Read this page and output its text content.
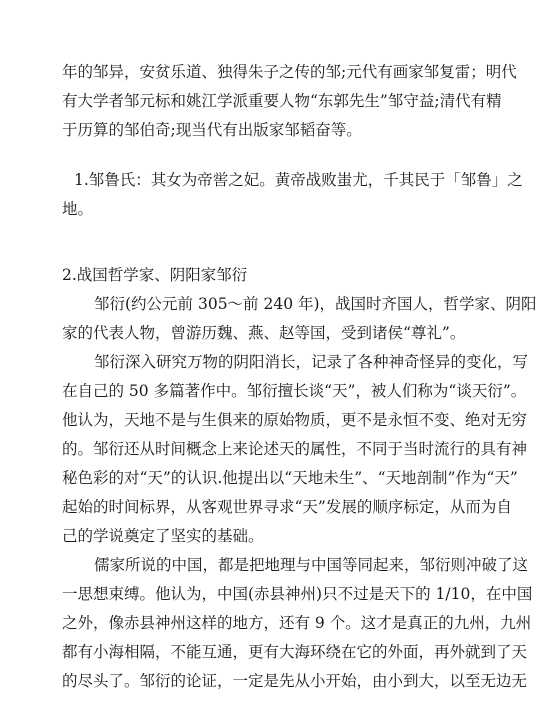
年的邹异，安贫乐道、独得朱子之传的邹;元代有画家邹复雷；明代
有大学者邹元标和姚江学派重要人物“东郭先生”邹守益;清代有精
于历算的邹伯奇;现当代有出版家邹韬奋等。
1.邹鲁氏：其女为帝喾之妃。黄帝战败蚩尤，千其民于「邹鲁」之
地。
2.战国哲学家、阴阳家邹衍
邹衍(约公元前 305～前 240 年)，战国时齐国人，哲学家、阴阳
家的代表人物，曾游历魏、燕、赵等国，受到诸侯“尊礼”。
邹衍深入研究万物的阴阳消长，记录了各种神奇怪异的变化，写
在自己的 50 多篇著作中。邹衍擅长谈“天”，被人们称为“谈天衍”。
他认为，天地不是与生俱来的原始物质，更不是永恒不变、绝对无穷
的。邹衍还从时间概念上来论述天的属性，不同于当时流行的具有神
秘色彩的对“天”的认识.他提出以“天地未生”、“天地剖制”作为“天”
起始的时间标界，从客观世界寻求“天”发展的顺序标定，从而为自
己的学说奠定了坚实的基础。
儒家所说的中国，都是把地理与中国等同起来，邹衍则冲破了这
一思想束缚。他认为，中国(赤县神州)只不过是天下的 1/10，在中国
之外，像赤县神州这样的地方，还有 9 个。这才是真正的九州，九州
都有小海相隔，不能互通，更有大海环绕在它的外面，再外就到了天
的尽头了。邹衍的论证，一定是先从小开始，由小到大，以至无边无
